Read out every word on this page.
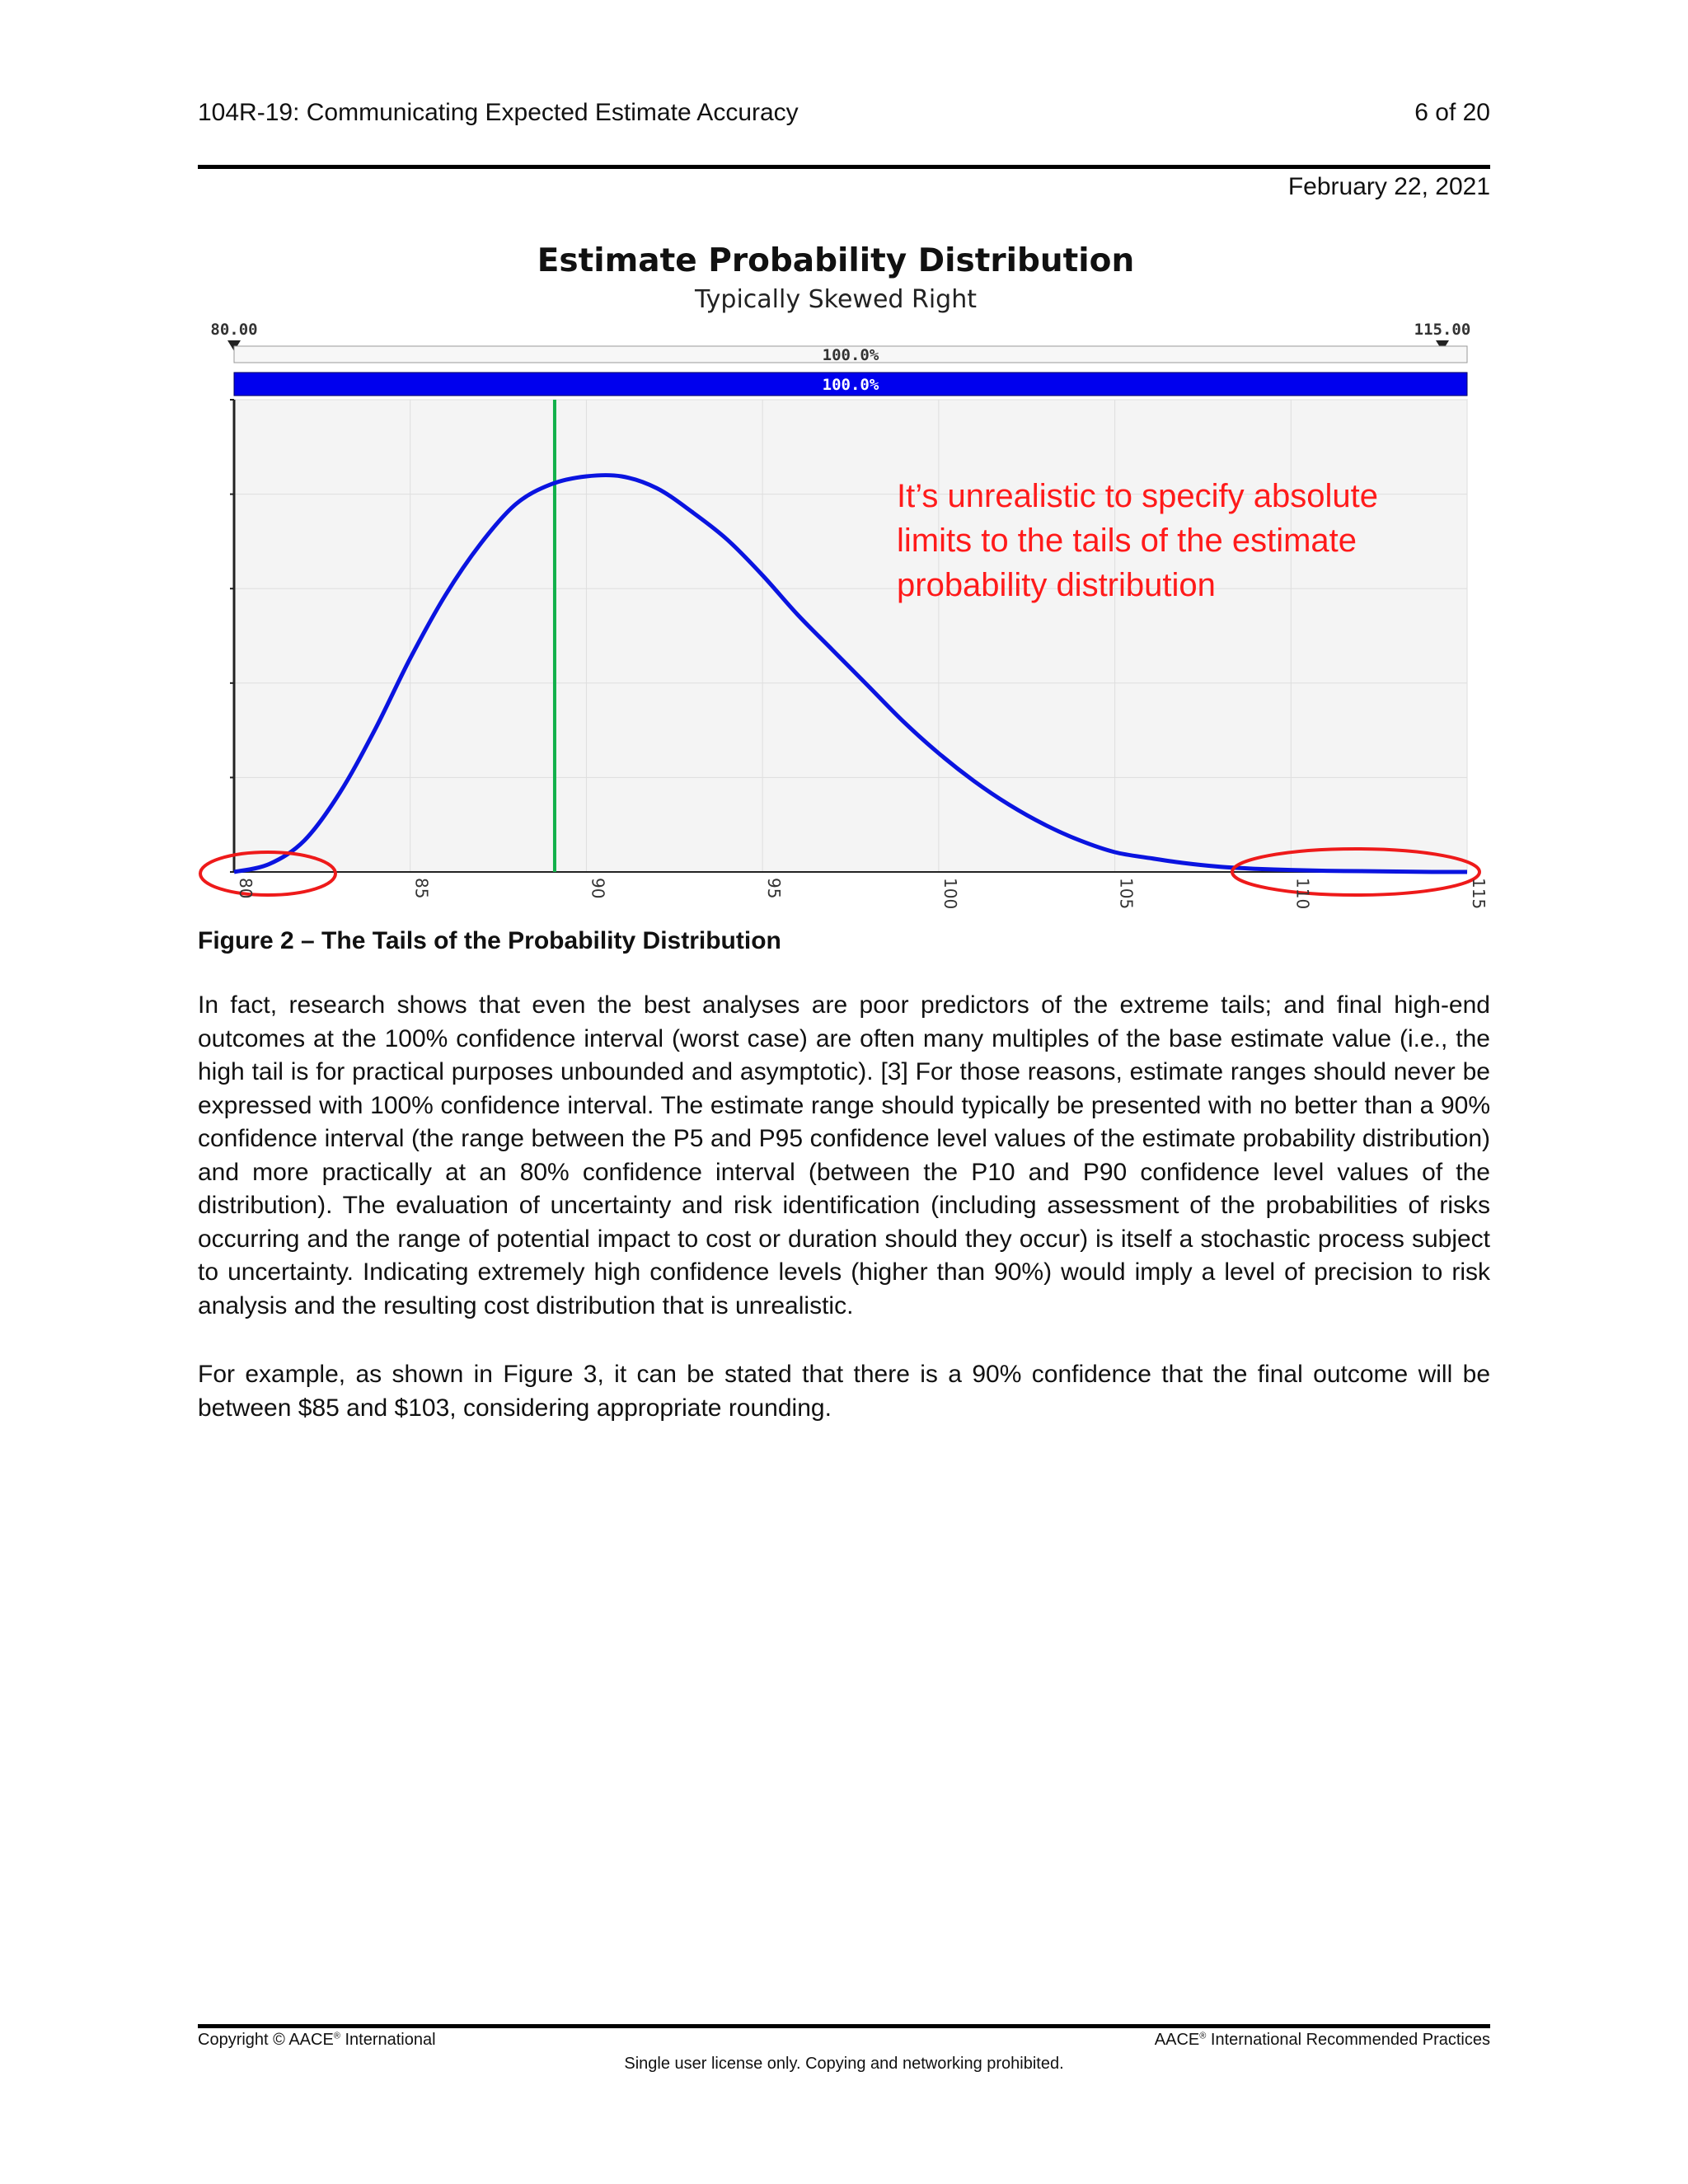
104R-19: Communicating Expected Estimate Accuracy	6 of 20
February 22, 2021
Estimate Probability Distribution
Typically Skewed Right
80.00	115.00
100.0%
100.0%
It’s unrealistic to specify absolute limits to the tails of the estimate probability distribution
80	85	90	95	100	105	110	115
Figure 2 – The Tails of the Probability Distribution
In fact, research shows that even the best analyses are poor predictors of the extreme tails; and final high-end outcomes at the 100% confidence interval (worst case) are often many multiples of the base estimate value (i.e., the high tail is for practical purposes unbounded and asymptotic). [3] For those reasons, estimate ranges should never be expressed with 100% confidence interval. The estimate range should typically be presented with no better than a 90% confidence interval (the range between the P5 and P95 confidence level values of the estimate probability distribution) and more practically at an 80% confidence interval (between the P10 and P90 confidence level values of the distribution). The evaluation of uncertainty and risk identification (including assessment of the probabilities of risks occurring and the range of potential impact to cost or duration should they occur) is itself a stochastic process subject to uncertainty. Indicating extremely high confidence levels (higher than 90%) would imply a level of precision to risk analysis and the resulting cost distribution that is unrealistic.
For example, as shown in Figure 3, it can be stated that there is a 90% confidence that the final outcome will be between $85 and $103, considering appropriate rounding.
Copyright © AACE® International	AACE® International Recommended Practices
Single user license only. Copying and networking prohibited.
